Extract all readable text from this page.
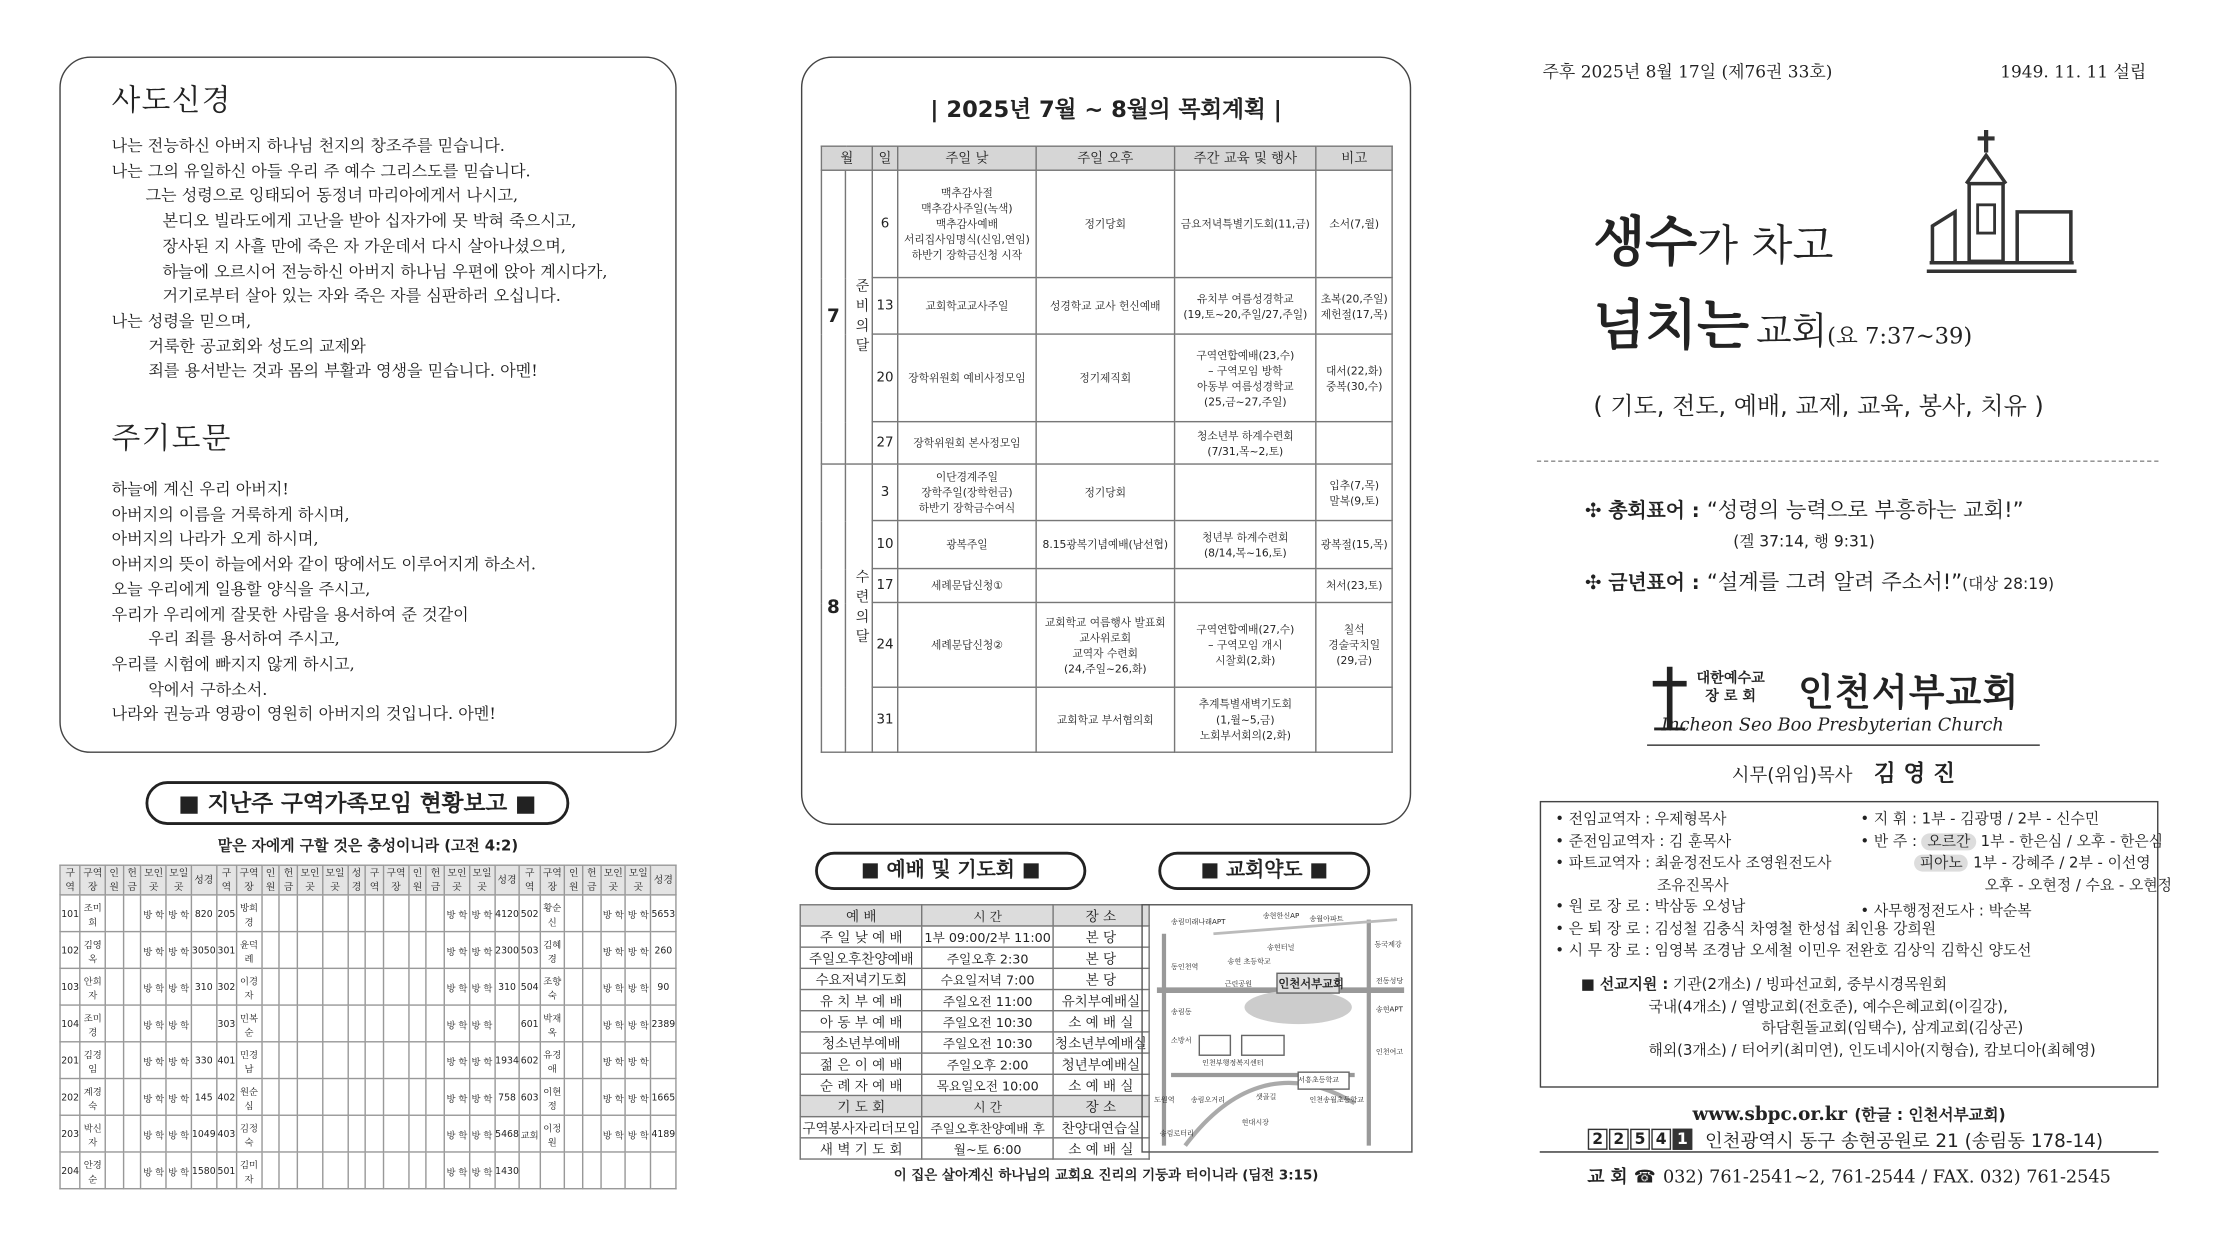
사도신경
나는 전능하신 아버지 하나님 천지의 창조주를 믿습니다.
나는 그의 유일하신 아들 우리 주 예수 그리스도를 믿습니다.
그는 성령으로 잉태되어 동정녀 마리아에게서 나시고,
본디오 빌라도에게 고난을 받아 십자가에 못 박혀 죽으시고,
장사된 지 사흘 만에 죽은 자 가운데서 다시 살아나셨으며,
하늘에 오르시어 전능하신 아버지 하나님 우편에 앉아 계시다가,
거기로부터 살아 있는 자와 죽은 자를 심판하러 오십니다.
나는 성령을 믿으며,
거룩한 공교회와 성도의 교제와
죄를 용서받는 것과 몸의 부활과 영생을 믿습니다. 아멘!
주기도문
하늘에 계신 우리 아버지!
아버지의 이름을 거룩하게 하시며,
아버지의 나라가 오게 하시며,
아버지의 뜻이 하늘에서와 같이 땅에서도 이루어지게 하소서.
오늘 우리에게 일용할 양식을 주시고,
우리가 우리에게 잘못한 사람을 용서하여 준 것같이
우리 죄를 용서하여 주시고,
우리를 시험에 빠지지 않게 하시고,
악에서 구하소서.
나라와 권능과 영광이 영원히 아버지의 것입니다. 아멘!
■ 지난주 구역가족모임 현황보고 ■
맡은 자에게 구할 것은 충성이니라 (고전 4:2)
구역	구역장	인원	헌금	모인곳	모일곳	성경	구역	구역장	인원	헌금	모인곳	모일곳	성경	구역	구역장	인원	헌금	모인곳	모일곳	성경	구역	구역장	인원	헌금	모인곳	모일곳	성경
101	조미희			방 학	방 학	820	205	방희경										방 학	방 학	4120	502	황순신			방 학	방 학	5653
102	김영옥			방 학	방 학	3050	301	윤덕례										방 학	방 학	2300	503	김혜경			방 학	방 학	260
103	안희자			방 학	방 학	310	302	이경자										방 학	방 학	310	504	조향숙			방 학	방 학	90
104	조미경			방 학	방 학		303	민복순										방 학	방 학		601	박재옥			방 학	방 학	2389
201	김경임			방 학	방 학	330	401	민경남										방 학	방 학	1934	602	유경애			방 학	방 학	
202	계경숙			방 학	방 학	145	402	원순심										방 학	방 학	758	603	이현정			방 학	방 학	1665
203	박신자			방 학	방 학	1049	403	김정숙										방 학	방 학	5468	교회	이정원			방 학	방 학	4189
204	안경순			방 학	방 학	1580	501	김미자										방 학	방 학	1430							
| 2025년 7월 ~ 8월의 목회계획 |
월		일	주일 낮	주일 오후	주간 교육 및 행사	비고
7	준비의달	6	맥추감사절
맥추감사주일(녹색)
맥추감사예배
서리집사임명식(신임,연임)
하반기 장학금신청 시작	정기당회	금요저녁특별기도회(11,금)	소서(7,월)
		13	교회학교교사주일	성경학교 교사 헌신예배	유치부 여름성경학교
(19,토~20,주일/27,주일)	초복(20,주일)
제헌절(17,목)
		20	장학위원회 예비사정모임	정기제직회	구역연합예배(23,수)
– 구역모임 방학
아동부 여름성경학교
(25,금~27,주일)	대서(22,화)
중복(30,수)
		27	장학위원회 본사정모임		청소년부 하계수련회
(7/31,목~2,토)	
8	수련의달	3	이단경계주일
장학주일(장학헌금)
하반기 장학금수여식	정기당회		입추(7,목)
말복(9,토)
		10	광복주일	8.15광복기념예배(남선협)	청년부 하계수련회
(8/14,목~16,토)	광복절(15,목)
		17	세례문답신청①			처서(23,토)
		24	세례문답신청②	교회학교 여름행사 발표회
교사위로회
교역자 수련회
(24,주일~26,화)	구역연합예배(27,수)
– 구역모임 개시
시찰회(2,화)	칠석
경술국치일
(29,금)
		31		교회학교 부서협의회	추계특별새벽기도회
(1,월~5,금)
노회부서회의(2,화)	
■ 예배 및 기도회 ■
예 배	시 간	장 소
주 일 낮 예 배	1부 09:00/2부 11:00	본 당
주일오후찬양예배	주일오후 2:30	본 당
수요저녁기도회	수요일저녁 7:00	본 당
유 치 부 예 배	주일오전 11:00	유치부예배실
아 동 부 예 배	주일오전 10:30	소 예 배 실
청소년부예배	주일오전 10:30	청소년부예배실
젊 은 이 예 배	주일오후 2:00	청년부예배실
순 례 자 예 배	목요일오전 10:00	소 예 배 실
기 도 회	시 간	장 소
구역봉사자리더모임	주일오후찬양예배 후	찬양대연습실
새 벽 기 도 회	월~토 6:00	소 예 배 실
■ 교회약도 ■
송림미래나래APT
송현한신AP 송월아파트
송현터널	동국제강
전동성당
송현 초등학교
인천서부교회
근린공원
동인천역
송림동
소방서
인천부행정복지센터
서흥초등학교
샛골길
현대시장
송림오거리
도원역
송림로터리
인천송월초등학교
송현APT
인천여고
이 집은 살아계신 하나님의 교회요 진리의 기둥과 터이니라 (딤전 3:15)
주후 2025년 8월 17일 (제76권 33호)	1949. 11. 11 설립
생수가 차고
넘치는 교회(요 7:37~39)
( 기도, 전도, 예배, 교제, 교육, 봉사, 치유 )
✣ 총회표어 : “성령의 능력으로 부흥하는 교회!”
(겔 37:14, 행 9:31)
✣ 금년표어 : “설계를 그려 알려 주소서!”(대상 28:19)
대한예수교
장 로 회	인천서부교회
Incheon Seo Boo Presbyterian Church
시무(위임)목사 김 영 진
• 전임교역자 : 우제형목사
• 준전임교역자 : 김 훈목사
• 파트교역자 : 최윤정전도사 조영원전도사
조유진목사
• 원 로 장 로 : 박삼동 오성남
• 은 퇴 장 로 : 김성철 김충식 차영철 한성섭 최인용 강희원
• 시 무 장 로 : 임영복 조경남 오세철 이민우 전완호 김상익 김학신 양도선
• 지 휘 : 1부 - 김광명 / 2부 - 신수민
• 반 주 : 오르간 1부 - 한은심 / 오후 - 한은심
피아노 1부 - 강혜주 / 2부 - 이선영
오후 - 오현정 / 수요 - 오현정
• 사무행정전도사 : 박순복
■ 선교지원 : 기관(2개소) / 빙파선교회, 중부시경목원회
국내(4개소) / 열방교회(전호준), 예수은혜교회(이길강),
하담흰돌교회(임택수), 삼계교회(김상곤)
해외(3개소) / 터어키(최미연), 인도네시아(지형습), 캄보디아(최혜영)
www.sbpc.or.kr (한글 : 인천서부교회)
2 2 5 4 1	인천광역시 동구 송현공원로 21 (송림동 178-14)
교 회 ☎ 032) 761-2541~2, 761-2544 / FAX. 032) 761-2545
